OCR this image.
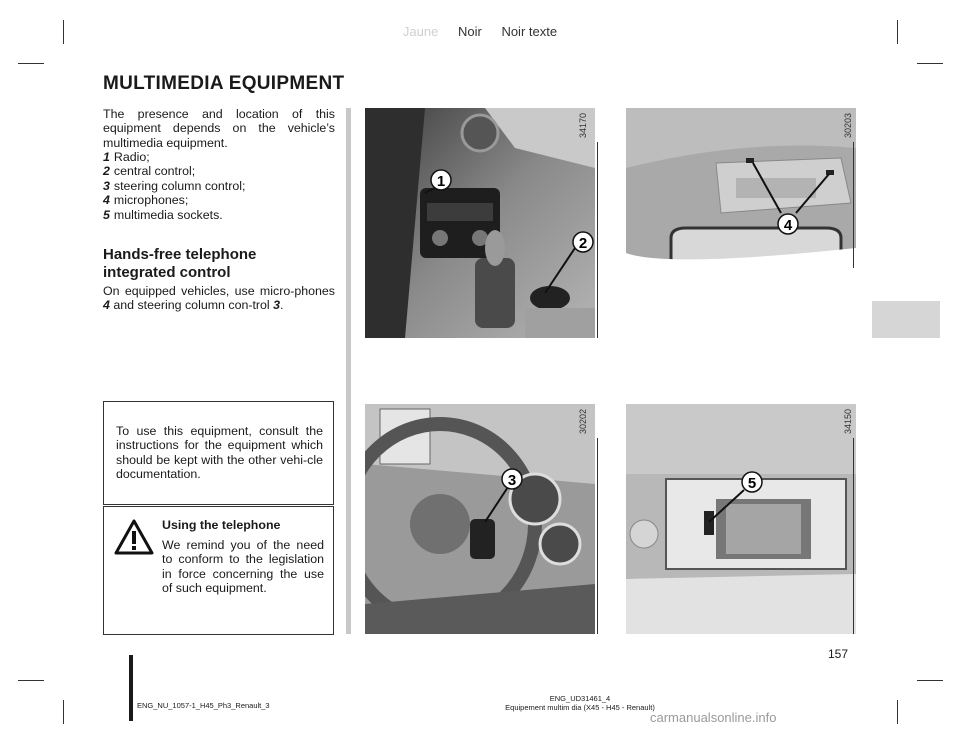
Jaune Noir Noir texte
MULTIMEDIA EQUIPMENT
The presence and location of this equipment depends on the vehicle’s multimedia equipment.
1 Radio;
2 central control;
3 steering column control;
4 microphones;
5 multimedia sockets.
Hands-free telephone integrated control
On equipped vehicles, use micro-phones 4 and steering column con-trol 3.

To use this equipment, consult the instructions for the equipment which should be kept with the other vehi-cle documentation.

Using the telephone
We remind you of the need to conform to the legislation in force concerning the use of such equipment.
1
2
34170
4
30203
3
30202
5
34150
157
ENG_NU_1057-1_H45_Ph3_Renault_3
ENG_UD31461_4
Equipement multim dia (X45 - H45 - Renault)
carmanualsonline.info
